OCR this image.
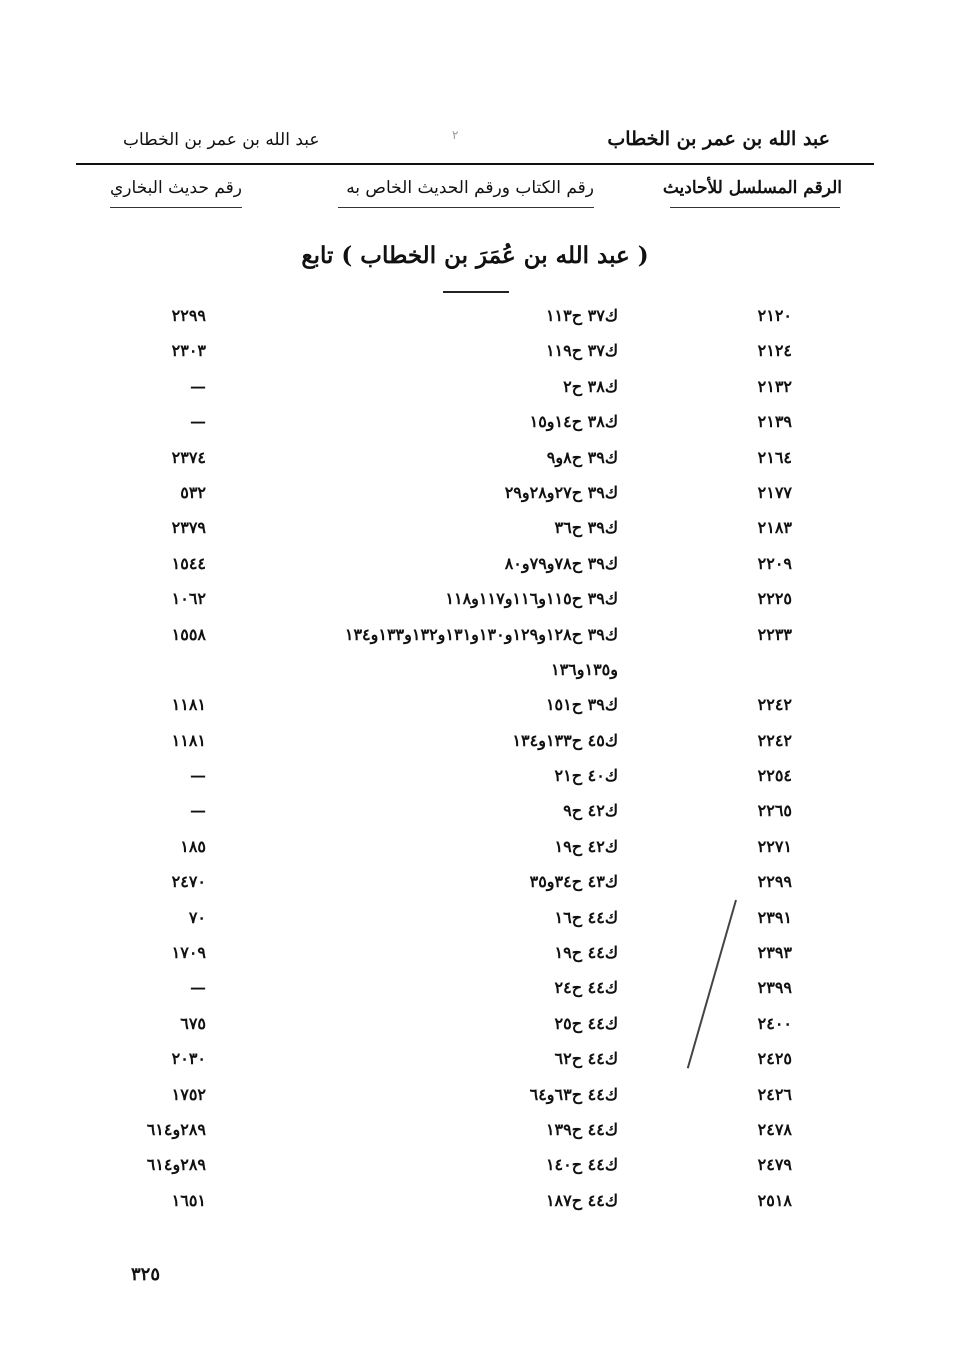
عبد الله بن عمر بن الخطاب
٢
عبد الله بن عمر بن الخطاب
الرقم المسلسل للأحاديث
رقم الكتاب ورقم الحديث الخاص به
رقم حديث البخاري
( عبد الله بن عُمَرَ بن الخطاب ) تابع
٢١٢٠
ك٣٧ ح١١٣
٢٢٩٩
٢١٢٤
ك٣٧ ح١١٩
٢٣٠٣
٢١٣٢
ك٣٨ ح٢
—
٢١٣٩
ك٣٨ ح١٤و١٥
—
٢١٦٤
ك٣٩ ح٨و٩
٢٣٧٤
٢١٧٧
ك٣٩ ح٢٧و٢٨و٢٩
٥٣٢
٢١٨٣
ك٣٩ ح٣٦
٢٣٧٩
٢٢٠٩
ك٣٩ ح٧٨و٧٩و٨٠
١٥٤٤
٢٢٢٥
ك٣٩ ح١١٥و١١٦و١١٧و١١٨
١٠٦٢
٢٢٣٣
ك٣٩ ح١٢٨و١٢٩و١٣٠و١٣١و١٣٢و١٣٣و١٣٤
١٥٥٨
و١٣٥و١٣٦
٢٢٤٢
ك٣٩ ح١٥١
١١٨١
٢٢٤٢
ك٤٥ ح١٣٣و١٣٤
١١٨١
٢٢٥٤
ك٤٠ ح٢١
—
٢٢٦٥
ك٤٢ ح٩
—
٢٢٧١
ك٤٢ ح١٩
١٨٥
٢٢٩٩
ك٤٣ ح٣٤و٣٥
٢٤٧٠
٢٣٩١
ك٤٤ ح١٦
٧٠
٢٣٩٣
ك٤٤ ح١٩
١٧٠٩
٢٣٩٩
ك٤٤ ح٢٤
—
٢٤٠٠
ك٤٤ ح٢٥
٦٧٥
٢٤٢٥
ك٤٤ ح٦٢
٢٠٣٠
٢٤٢٦
ك٤٤ ح٦٣و٦٤
١٧٥٢
٢٤٧٨
ك٤٤ ح١٣٩
٢٨٩و٦١٤
٢٤٧٩
ك٤٤ ح١٤٠
٢٨٩و٦١٤
٢٥١٨
ك٤٤ ح١٨٧
١٦٥١
٣٢٥
